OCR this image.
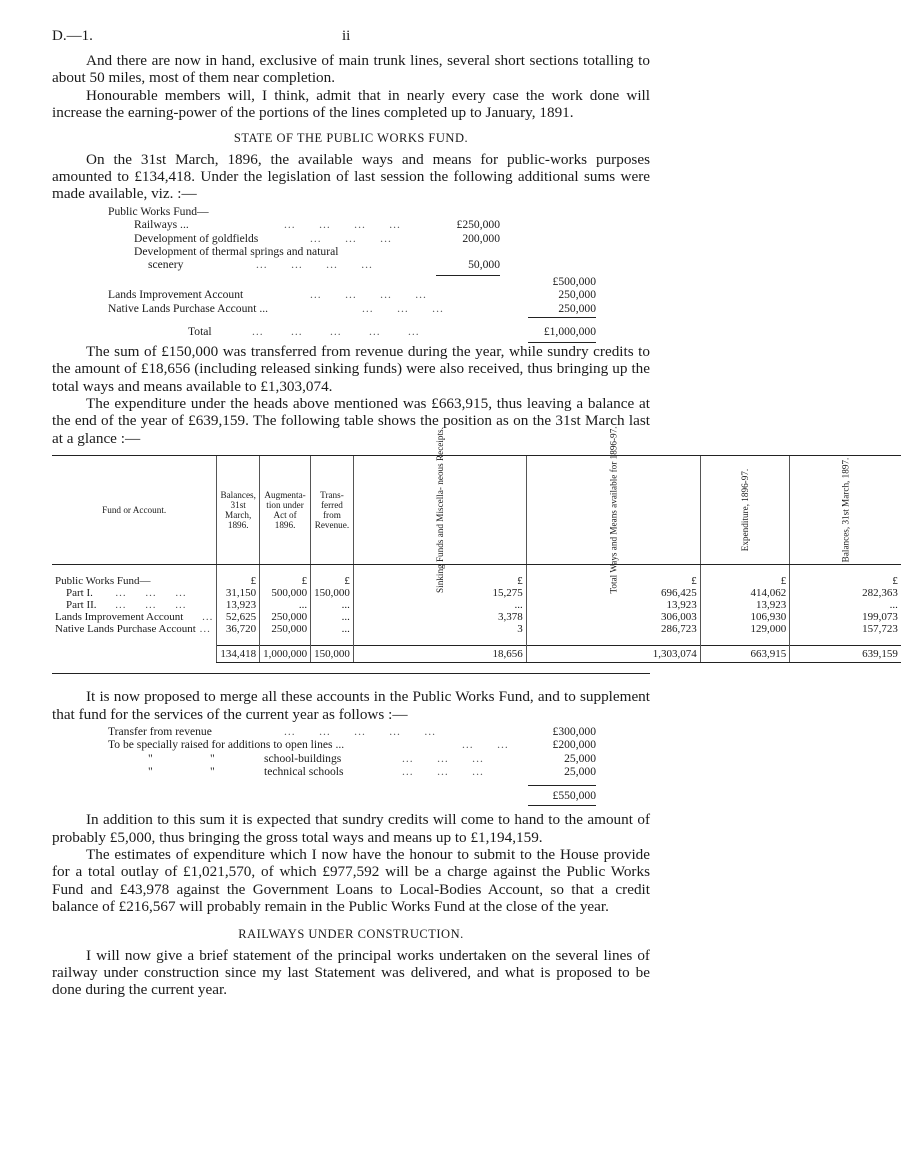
D.—1.	ii

And there are now in hand, exclusive of main trunk lines, several short sections totalling to about 50 miles, most of them near completion.

Honourable members will, I think, admit that in nearly every case the work done will increase the earning-power of the portions of the lines completed up to January, 1891.

STATE OF THE PUBLIC WORKS FUND.

On the 31st March, 1896, the available ways and means for public-works purposes amounted to £134,418. Under the legislation of last session the following additional sums were made available, viz. :—

Public Works Fund—
Railways ...	...      ...      ...      ...	£250,000
Development of goldfields	...      ...      ...	200,000
Development of thermal springs and natural
scenery	...      ...      ...      ...	50,000
£500,000
Lands Improvement Account	...      ...      ...      ...	250,000
Native Lands Purchase Account ...	...      ...      ...	250,000
Total	...       ...       ...       ...       ...	£1,000,000

The sum of £150,000 was transferred from revenue during the year, while sundry credits to the amount of £18,656 (including released sinking funds) were also received, thus bringing up the total ways and means available to £1,303,074.

The expenditure under the heads above mentioned was £663,915, thus leaving a balance at the end of the year of £639,159. The following table shows the position as on the 31st March last at a glance :—

Fund or Account.	Balances, 31st March, 1896.	Augmenta- tion under Act of 1896.	Trans- ferred from Revenue.	Sinking Funds and Miscella- neous Receipts.	Total Ways and Means available for 1896-97.	Expenditure, 1896-97.	Balances, 31st March, 1897.

Public Works Fund—	£	£	£	£	£	£	£
Part I.      ...     ...     ...	31,150	500,000	150,000	15,275	696,425	414,062	282,363
Part II.     ...     ...     ...	13,923	...	...	...	13,923	13,923	...
Lands Improvement Account     ...	52,625	250,000	...	3,378	306,003	106,930	199,073
Native Lands Purchase Account ...	36,720	250,000	...	3	286,723	129,000	157,723

	134,418	1,000,000	150,000	18,656	1,303,074	663,915	639,159

It is now proposed to merge all these accounts in the Public Works Fund, and to supplement that fund for the services of the current year as follows :—

Transfer from revenue	...      ...      ...      ...      ...	£300,000
To be specially raised for additions to open lines ...	...      ...	£200,000
"	"	school-buildings	...      ...      ...	25,000
"	"	technical schools	...      ...      ...	25,000
£550,000

In addition to this sum it is expected that sundry credits will come to hand to the amount of probably £5,000, thus bringing the gross total ways and means up to £1,194,159.

The estimates of expenditure which I now have the honour to submit to the House provide for a total outlay of £1,021,570, of which £977,592 will be a charge against the Public Works Fund and £43,978 against the Government Loans to Local-Bodies Account, so that a credit balance of £216,567 will probably remain in the Public Works Fund at the close of the year.

RAILWAYS UNDER CONSTRUCTION.

I will now give a brief statement of the principal works undertaken on the several lines of railway under construction since my last Statement was delivered, and what is proposed to be done during the current year.
